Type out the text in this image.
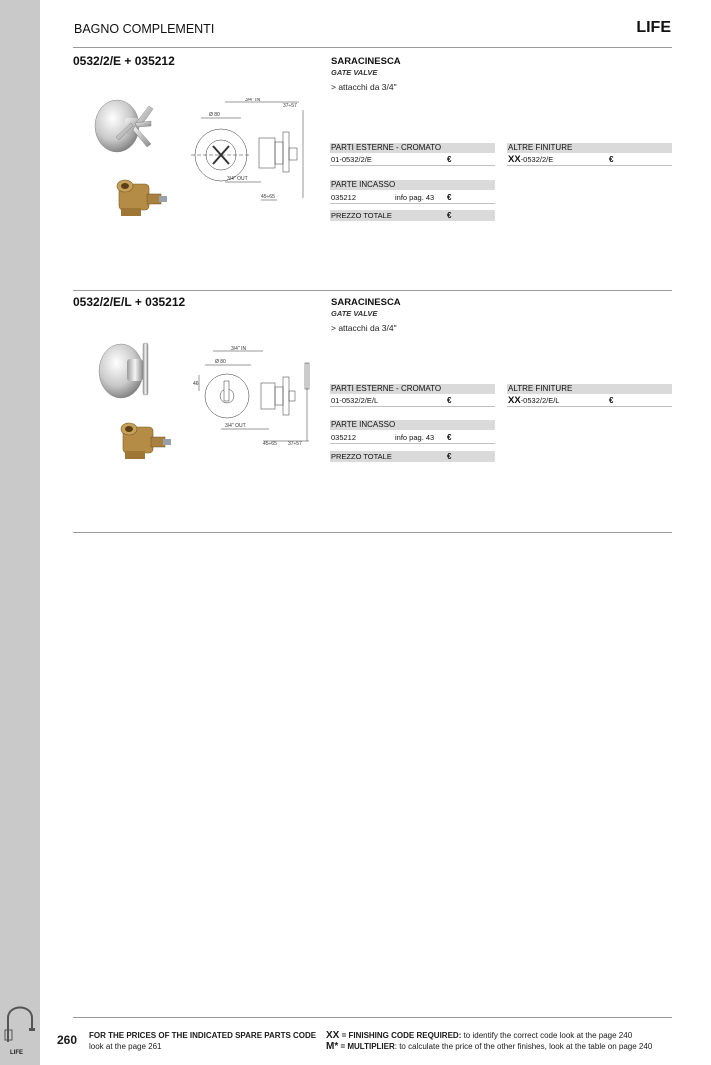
LIFE
BAGNO COMPLEMENTI	LIFE
0532/2/E + 035212
3/4" IN
37÷57
Ø 80
3/4" OUT
45÷65
SARACINESCA
GATE VALVE
> attacchi da 3/4"
PARTI ESTERNE - CROMATO
01-0532/2/E	€
ALTRE FINITURE
XX-0532/2/E	€
PARTE INCASSO
035212	info pag. 43 €
PREZZO TOTALE	€
0532/2/E/L + 035212
3/4" IN
Ø 80
46
3/4" OUT
45÷65 37÷57
SARACINESCA
GATE VALVE
> attacchi da 3/4"
PARTI ESTERNE - CROMATO
01-0532/2/E/L	€
ALTRE FINITURE
XX-0532/2/E/L	€
PARTE INCASSO
035212	info pag. 43 €
PREZZO TOTALE	€
260 FOR THE PRICES OF THE INDICATED SPARE PARTS CODE
look at the page 261
XX = FINISHING CODE REQUIRED: to identify the correct code look at the page 240
M* = MULTIPLIER: to calculate the price of the other finishes, look at the table on page 240
